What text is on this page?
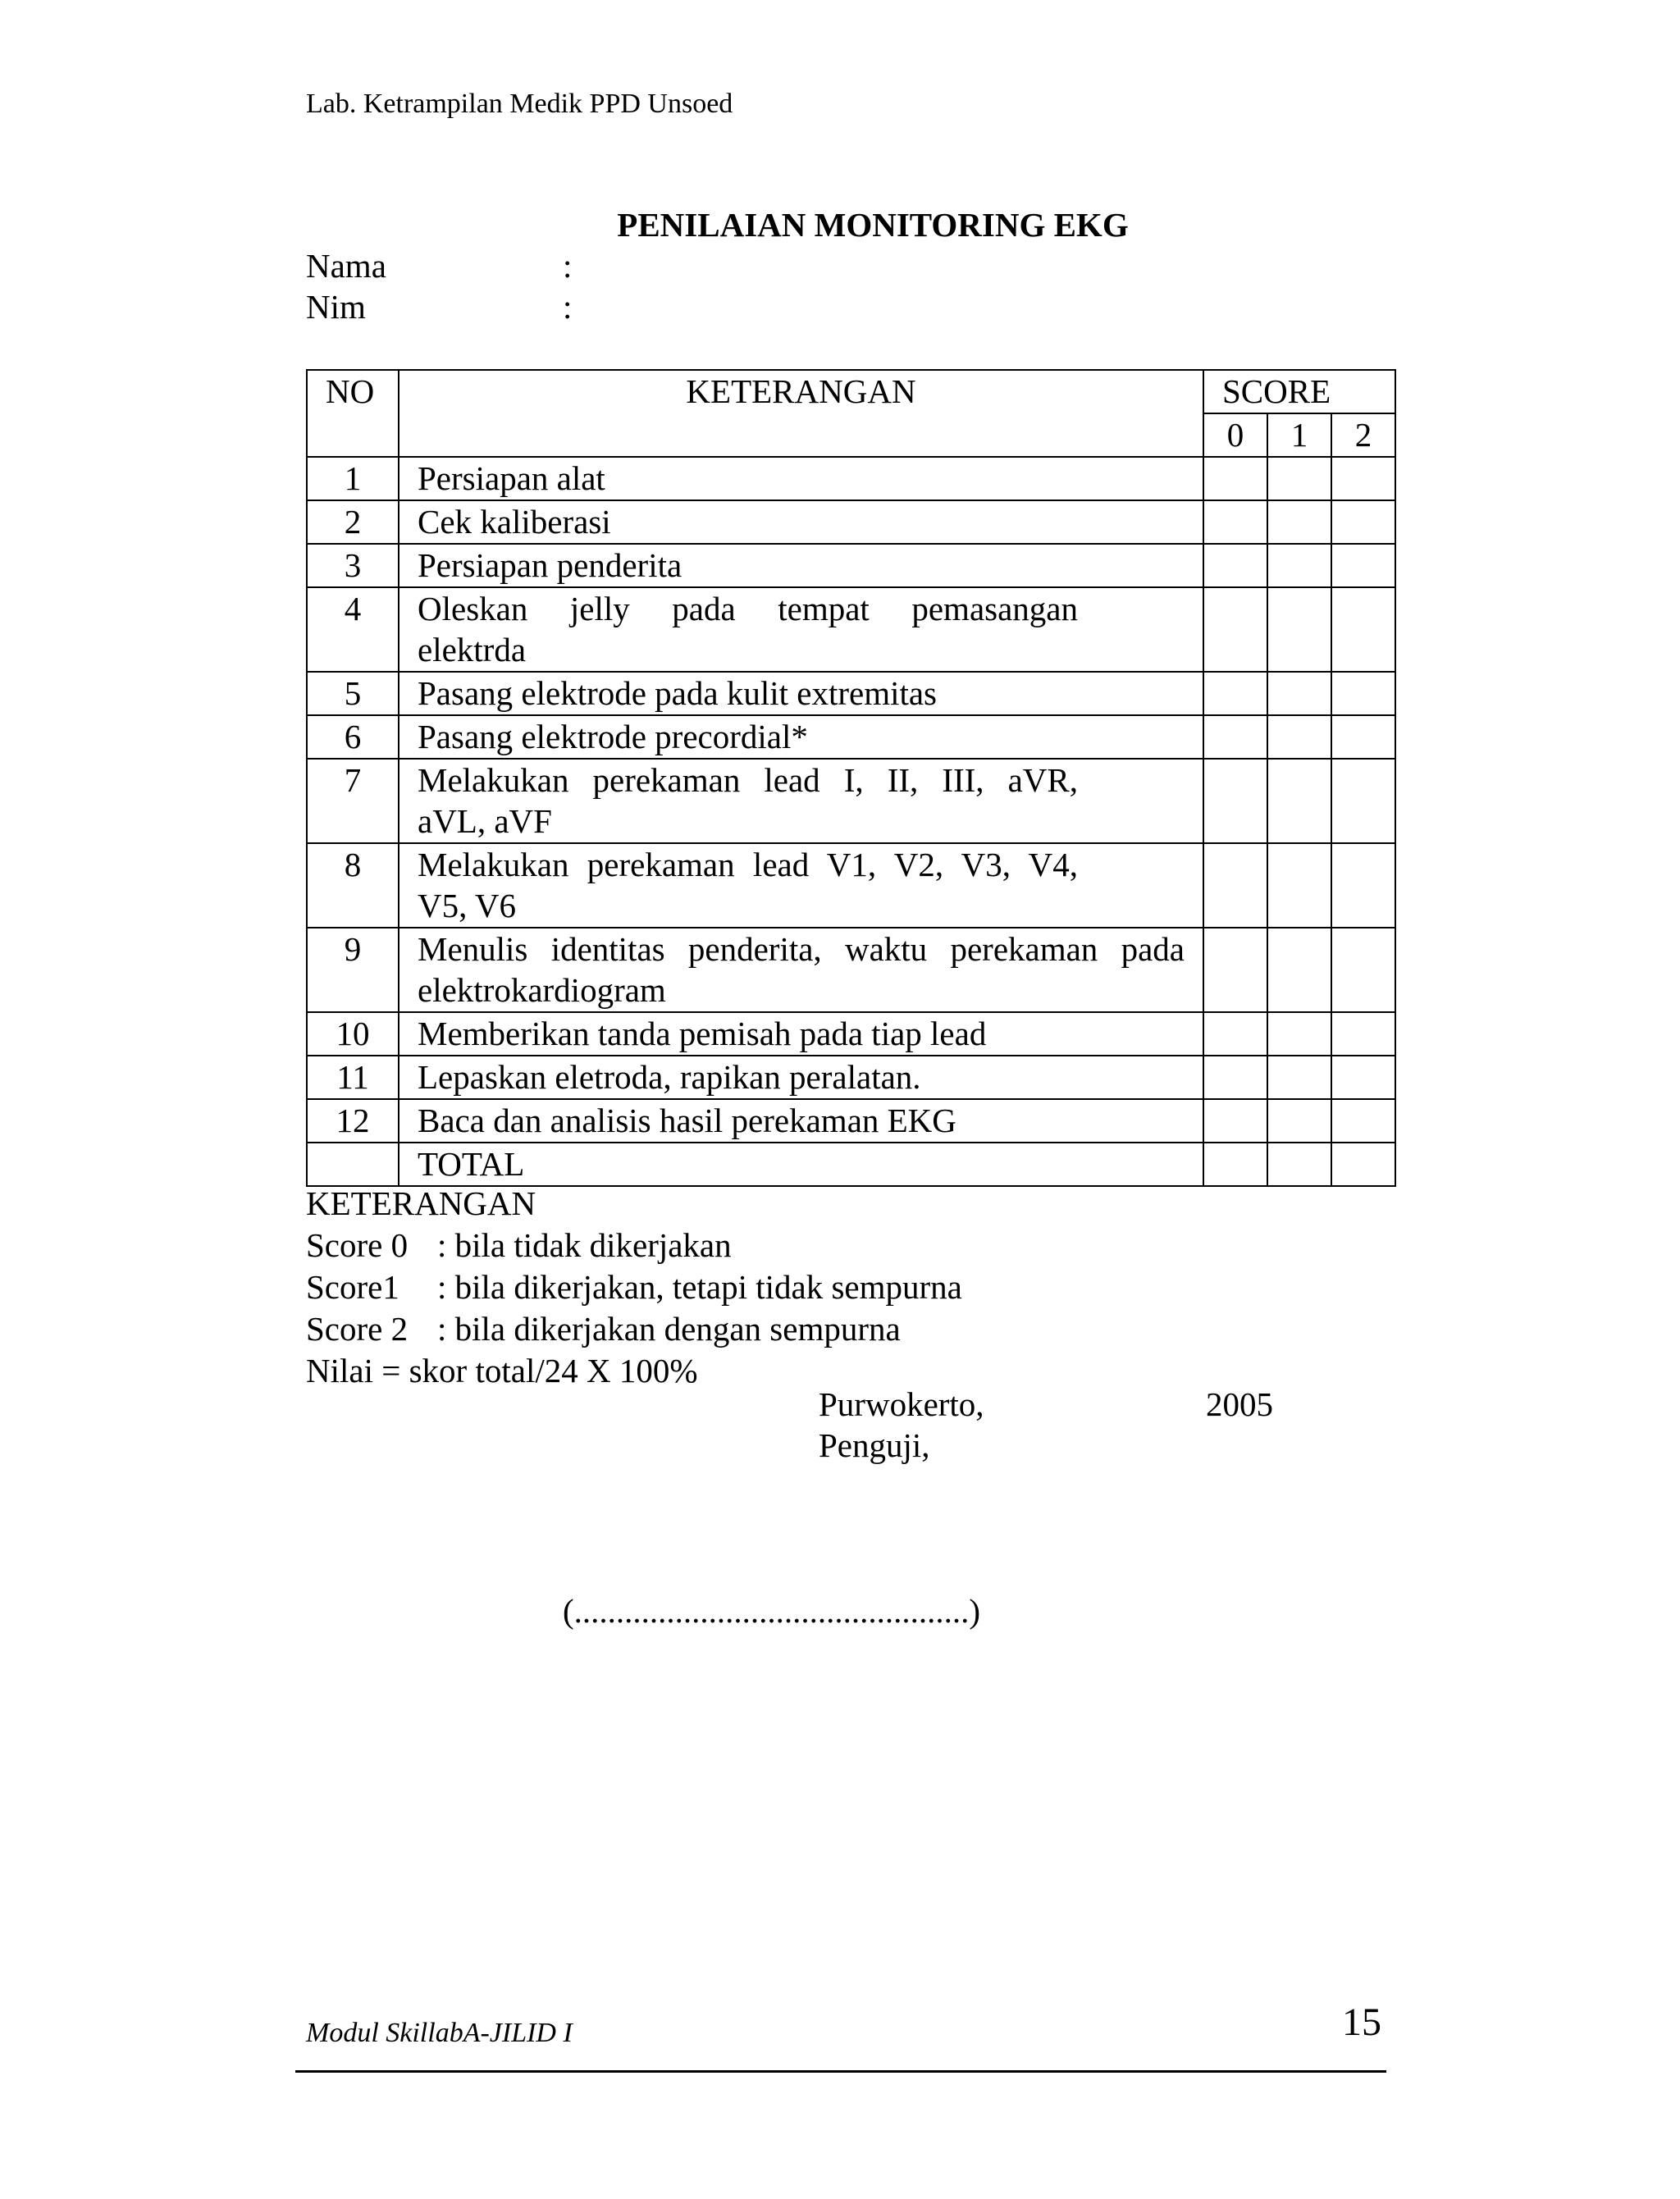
Lab. Ketrampilan Medik PPD Unsoed
PENILAIAN MONITORING EKG
Nama	:
Nim	:
NO	KETERANGAN	SCORE		
		0	1	2
1	Persiapan alat			

2	Cek kaliberasi			

3	Persiapan penderita			

4	Oleskan jelly pada tempat pemasangan
elektrda			

5	Pasang elektrode pada kulit extremitas			

6	Pasang elektrode precordial*			

7	Melakukan perekaman lead I, II, III, aVR,
aVL, aVF			

8	Melakukan perekaman lead V1, V2, V3, V4,
V5, V6			

9	Menulis identitas penderita, waktu perekaman pada
elektrokardiogram			

10	Memberikan tanda pemisah pada tiap lead			

11	Lepaskan eletroda, rapikan peralatan.			

12	Baca dan analisis hasil perekaman EKG			

	TOTAL			

KETERANGAN
Score 0 : bila tidak dikerjakan
Score1	: bila dikerjakan, tetapi tidak sempurna
Score 2 : bila dikerjakan dengan sempurna
Nilai = skor total/24 X 100%
Purwokerto,	2005
Penguji,
(...............................................)
Modul SkillabA-JILID I	15
